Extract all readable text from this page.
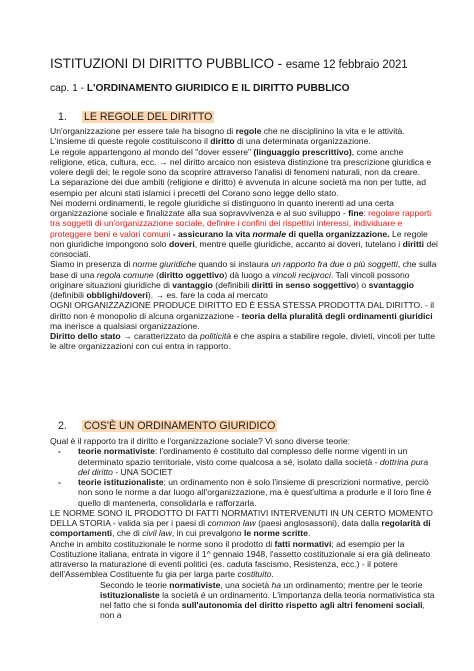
ISTITUZIONI DI DIRITTO PUBBLICO - esame 12 febbraio 2021
cap. 1 - L'ORDINAMENTO GIURIDICO E IL DIRITTO PUBBLICO
1.	LE REGOLE DEL DIRITTO

Un'organizzazione per essere tale ha bisogno di regole che ne disciplinino la vita e le attività. L'insieme di queste regole costituiscono il diritto di una determinata organizzazione.

Le regole appartengono al mondo del "dover essere" (linguaggio prescrittivo), come anche religione, etica, cultura, ecc. → nel diritto arcaico non esisteva distinzione tra prescrizione giuridica e volere degli dei; le regole sono da scoprire attraverso l'analisi di fenomeni naturali, non da creare.

La separazione dei due ambiti (religione e diritto) è avvenuta in alcune società ma non per tutte, ad esempio per alcuni stati islamici i precetti del Corano sono legge dello stato.

Nei moderni ordinamenti, le regole giuridiche si distinguono in quanto inerenti ad una certa organizzazione sociale e finalizzate alla sua sopravvivenza e al suo sviluppo - fine: regolare rapporti tra soggetti di un'organizzazione sociale, definire i confini dei rispettivi interessi, individuare e proteggere beni e valori comuni - assicurano la vita normale di quella organizzazione. Le regole non giuridiche impongono solo doveri, mentre quelle giuridiche, accanto ai doveri, tutelano i diritti dei consociati.

Siamo in presenza di norme giuridiche quando si instaura un rapporto fra due o più soggetti, che sulla base di una regola comune (diritto oggettivo) dà luogo a vincoli reciproci. Tali vincoli possono originare situazioni giuridiche di vantaggio (definibili diritti in senso soggettivo) o svantaggio (definibili obblighi/doveri). → es. fare la coda al mercato

OGNI ORGANIZZAZIONE PRODUCE DIRITTO ED È ESSA STESSA PRODOTTA DAL DIRITTO. - il diritto non è monopolio di alcuna organizzazione - teoria della pluralità degli ordinamenti giuridici ma inerisce a qualsiasi organizzazione.

Diritto dello stato → caratterizzato da politicità e che aspira a stabilire regole, divieti, vincoli per tutte le altre organizzazioni con cui entra in rapporto.

2.	COS'È UN ORDINAMENTO GIURIDICO

Qual è il rapporto tra il diritto e l'organizzazione sociale? Vi sono diverse teorie:

-	teorie normativiste: l'ordinamento è costituito dal complesso delle norme vigenti in un determinato spazio territoriale, visto come qualcosa a sé, isolato dalla società - dottrina pura del diritto - UNA SOCIET
-	teorie istituzionaliste: un ordinamento non è solo l'insieme di prescrizioni normative, perciò non sono le norme a dar luogo all'organizzazione, ma è quest'ultima a produrle e il loro fine è quello di mantenerla, consolidarla e rafforzarla.

LE NORME SONO IL PRODOTTO DI FATTI NORMATIVI INTERVENUTI IN UN CERTO MOMENTO DELLA STORIA - valida sia per i paesi di common law (paesi anglosassoni), data dalla regolarità di comportamenti, che di civil law, in cui prevalgono le norme scritte.

Anche in ambito costituzionale le norme sono il prodotto di fatti normativi; ad esempio per la Costituzione italiana, entrata in vigore il 1^ gennaio 1948, l'assetto costituzionale si era già delineato attraverso la maturazione di eventi politici (es. caduta fascismo, Resistenza, ecc.) - il potere dell'Assemblea Costituente fu gia per larga parte costituito.

Secondo le teorie normativiste, una società ha un ordinamento; mentre per le teorie istituzionaliste la società è un ordinamento. L'importanza della teoria normativistica sta nel fatto che si fonda sull'autonomia del diritto rispetto agli altri fenomeni sociali, non a
